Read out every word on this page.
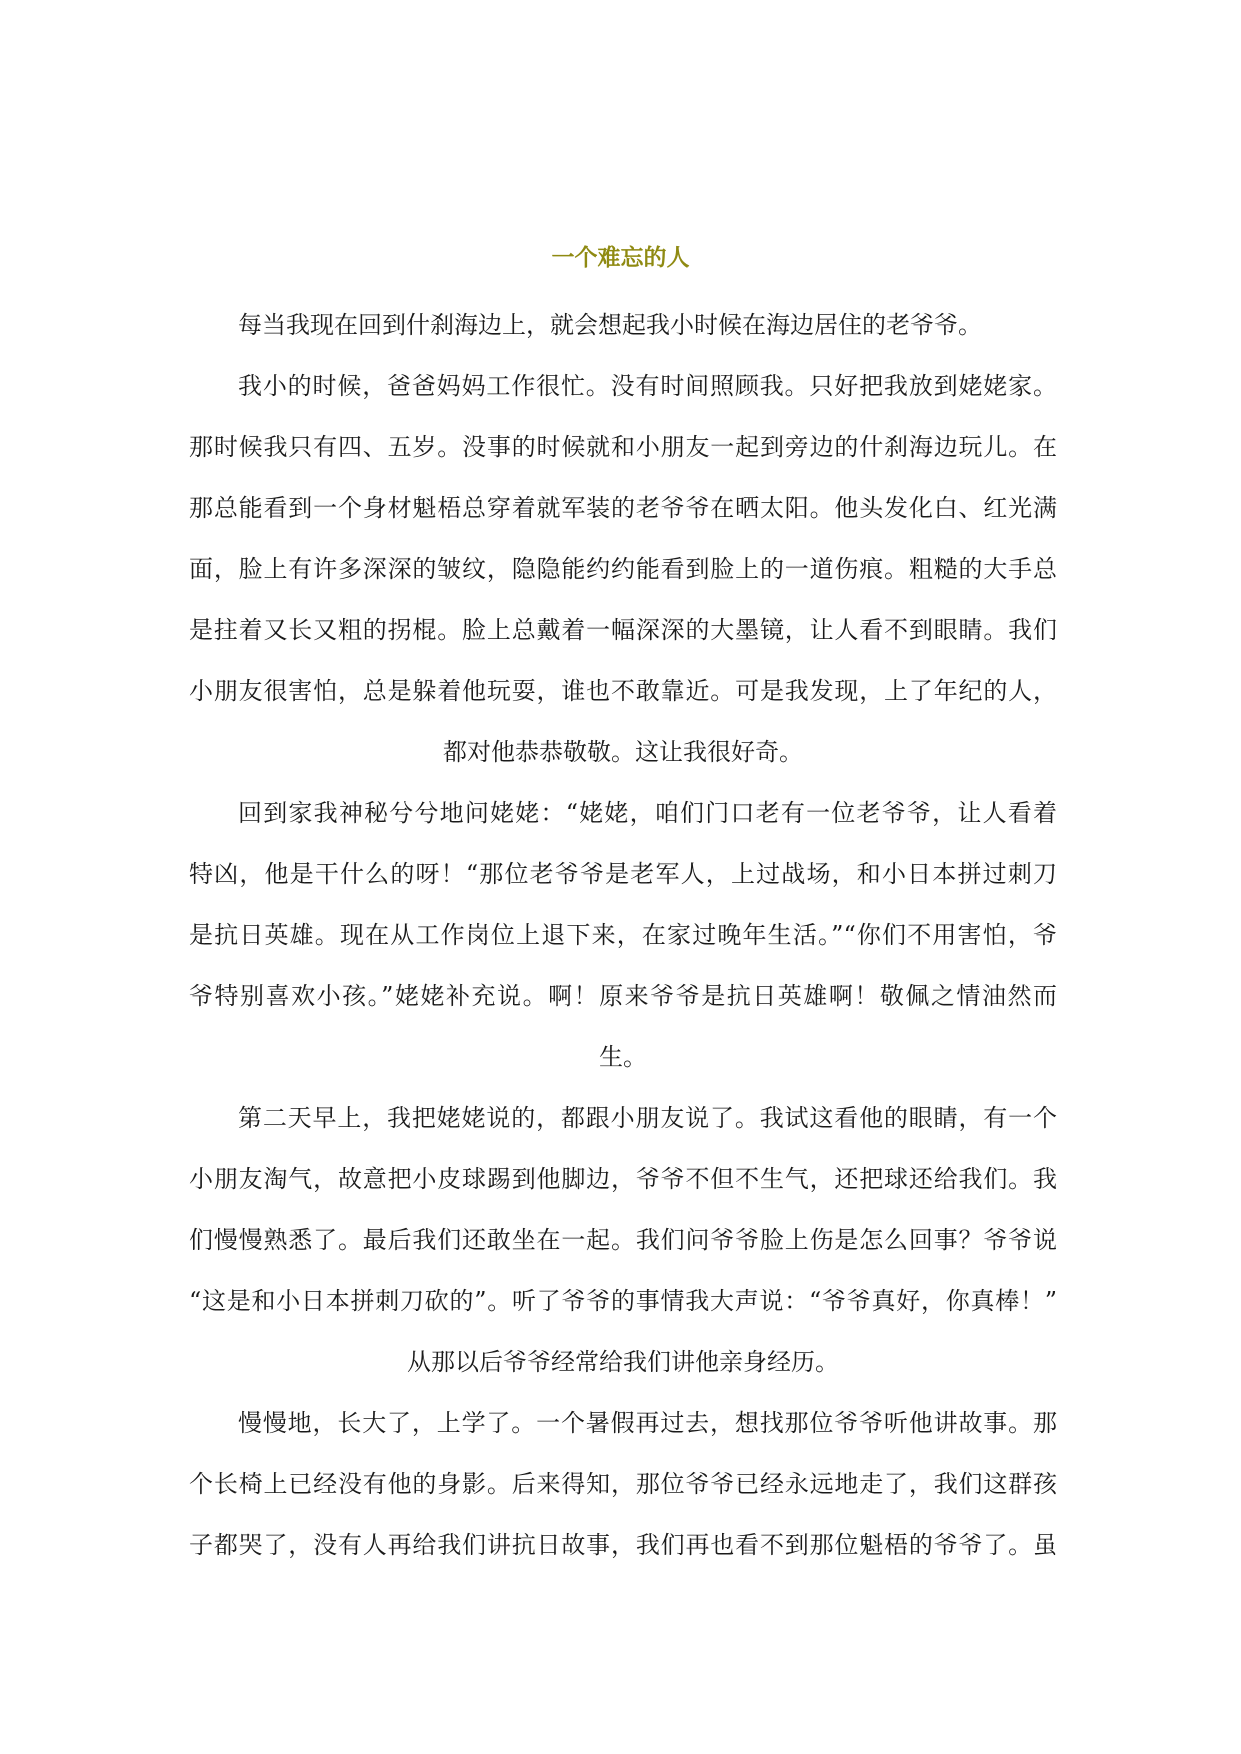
一个难忘的人

每当我现在回到什刹海边上，就会想起我小时候在海边居住的老爷爷。

我小的时候，爸爸妈妈工作很忙。没有时间照顾我。只好把我放到姥姥家。

那时候我只有四、五岁。没事的时候就和小朋友一起到旁边的什刹海边玩儿。在

那总能看到一个身材魁梧总穿着就军装的老爷爷在晒太阳。他头发化白、红光满

面，脸上有许多深深的皱纹，隐隐能约约能看到脸上的一道伤痕。粗糙的大手总

是拄着又长又粗的拐棍。脸上总戴着一幅深深的大墨镜，让人看不到眼睛。我们

小朋友很害怕，总是躲着他玩耍，谁也不敢靠近。可是我发现，上了年纪的人，

都对他恭恭敬敬。这让我很好奇。

回到家我神秘兮兮地问姥姥：“姥姥，咱们门口老有一位老爷爷，让人看着

特凶，他是干什么的呀！“那位老爷爷是老军人，上过战场，和小日本拼过刺刀

是抗日英雄。现在从工作岗位上退下来，在家过晚年生活。”“你们不用害怕，爷

爷特别喜欢小孩。”姥姥补充说。啊！原来爷爷是抗日英雄啊！敬佩之情油然而

生。

第二天早上，我把姥姥说的，都跟小朋友说了。我试这看他的眼睛，有一个

小朋友淘气，故意把小皮球踢到他脚边，爷爷不但不生气，还把球还给我们。我

们慢慢熟悉了。最后我们还敢坐在一起。我们问爷爷脸上伤是怎么回事？爷爷说

“这是和小日本拼刺刀砍的”。听了爷爷的事情我大声说：“爷爷真好，你真棒！”

从那以后爷爷经常给我们讲他亲身经历。

慢慢地，长大了，上学了。一个暑假再过去，想找那位爷爷听他讲故事。那

个长椅上已经没有他的身影。后来得知，那位爷爷已经永远地走了，我们这群孩

子都哭了，没有人再给我们讲抗日故事，我们再也看不到那位魁梧的爷爷了。虽
